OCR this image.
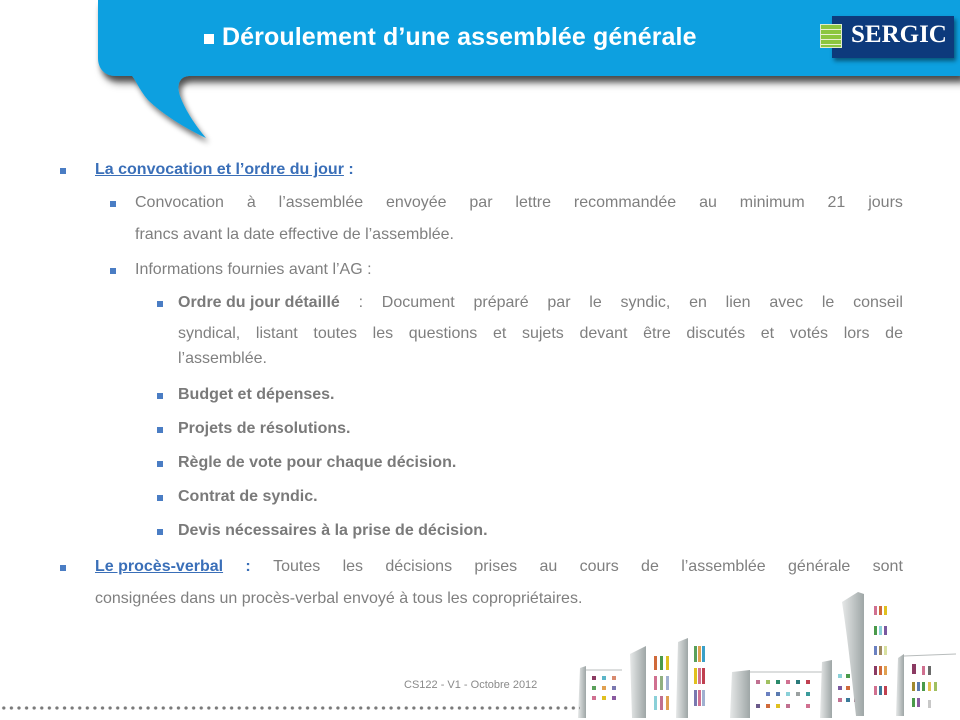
Déroulement d’une assemblée générale	SERGIC
La convocation et l’ordre du jour :
Convocation à l’assemblée envoyée par lettre recommandée au minimum 21 jours
francs avant la date effective de l’assemblée.
Informations fournies avant l’AG :
Ordre du jour détaillé : Document préparé par le syndic, en lien avec le conseil
syndical, listant toutes les questions et sujets devant être discutés et votés lors de
l’assemblée.
Budget et dépenses.
Projets de résolutions.
Règle de vote pour chaque décision.
Contrat de syndic.
Devis nécessaires à la prise de décision.
Le procès-verbal : Toutes les décisions prises au cours de l’assemblée générale sont
consignées dans un procès-verbal envoyé à tous les copropriétaires.
CS122 - V1 - Octobre 2012
